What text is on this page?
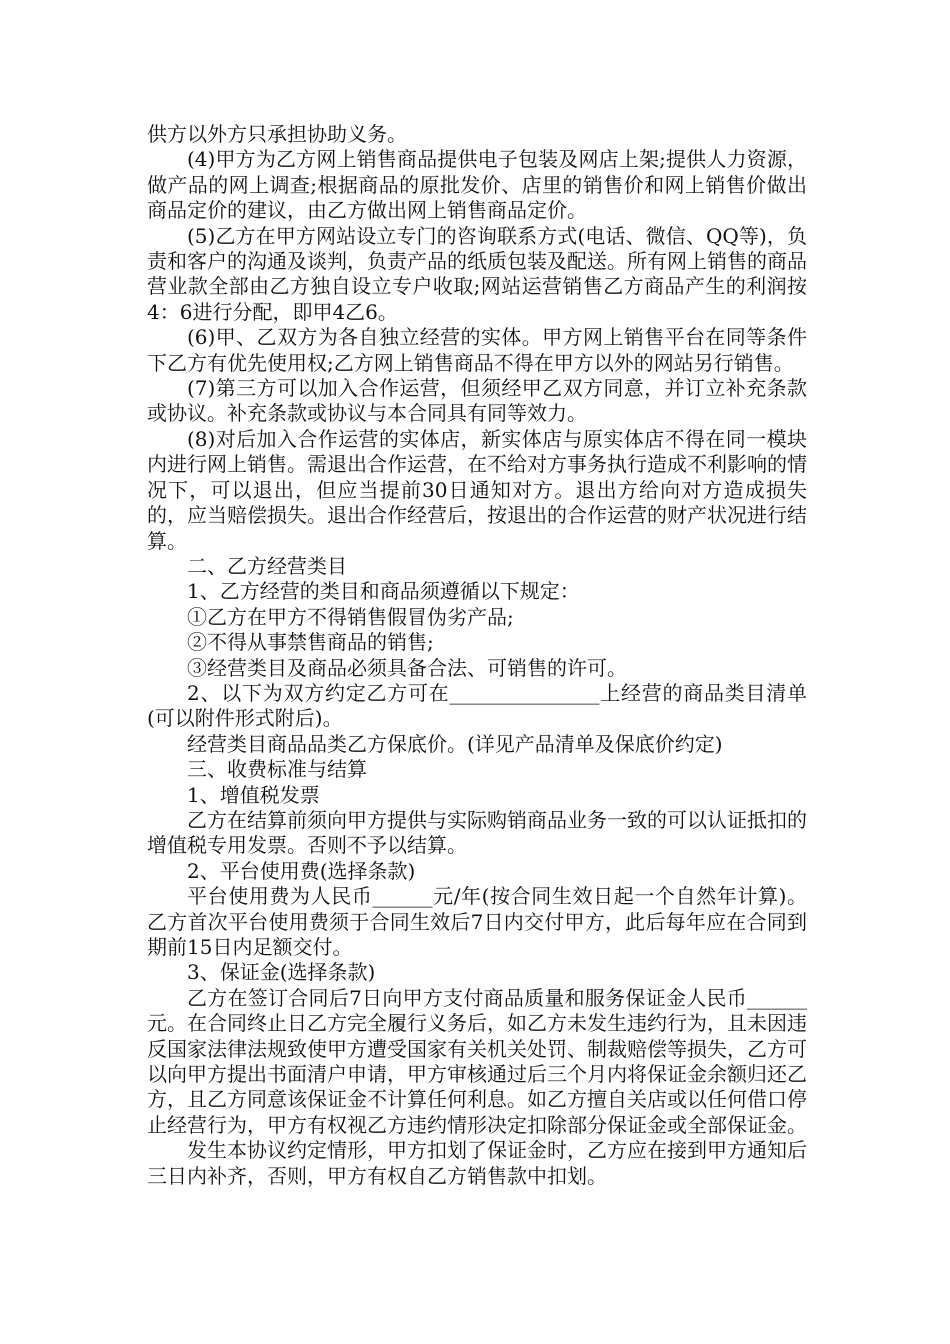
供方以外方只承担协助义务。

(4)甲方为乙方网上销售商品提供电子包装及网店上架;提供人力资源，做产品的网上调查;根据商品的原批发价、店里的销售价和网上销售价做出商品定价的建议，由乙方做出网上销售商品定价。

(5)乙方在甲方网站设立专门的咨询联系方式(电话、微信、QQ等)，负责和客户的沟通及谈判，负责产品的纸质包装及配送。所有网上销售的商品营业款全部由乙方独自设立专户收取;网站运营销售乙方商品产生的利润按4：6进行分配，即甲4乙6。

(6)甲、乙双方为各自独立经营的实体。甲方网上销售平台在同等条件下乙方有优先使用权;乙方网上销售商品不得在甲方以外的网站另行销售。

(7)第三方可以加入合作运营，但须经甲乙双方同意，并订立补充条款或协议。补充条款或协议与本合同具有同等效力。

(8)对后加入合作运营的实体店，新实体店与原实体店不得在同一模块内进行网上销售。需退出合作运营，在不给对方事务执行造成不利影响的情况下，可以退出，但应当提前30日通知对方。退出方给向对方造成损失的，应当赔偿损失。退出合作经营后，按退出的合作运营的财产状况进行结算。

二、乙方经营类目

1、乙方经营的类目和商品须遵循以下规定：

①乙方在甲方不得销售假冒伪劣产品;

②不得从事禁售商品的销售;

③经营类目及商品必须具备合法、可销售的许可。

2、以下为双方约定乙方可在_______________上经营的商品类目清单(可以附件形式附后)。

经营类目商品品类乙方保底价。(详见产品清单及保底价约定)

三、收费标准与结算

1、增值税发票

乙方在结算前须向甲方提供与实际购销商品业务一致的可以认证抵扣的增值税专用发票。否则不予以结算。

2、平台使用费(选择条款)

平台使用费为人民币______元/年(按合同生效日起一个自然年计算)。乙方首次平台使用费须于合同生效后7日内交付甲方，此后每年应在合同到期前15日内足额交付。

3、保证金(选择条款)

乙方在签订合同后7日向甲方支付商品质量和服务保证金人民币______元。在合同终止日乙方完全履行义务后，如乙方未发生违约行为，且未因违反国家法律法规致使甲方遭受国家有关机关处罚、制裁赔偿等损失，乙方可以向甲方提出书面清户申请，甲方审核通过后三个月内将保证金余额归还乙方，且乙方同意该保证金不计算任何利息。如乙方擅自关店或以任何借口停止经营行为，甲方有权视乙方违约情形决定扣除部分保证金或全部保证金。

发生本协议约定情形，甲方扣划了保证金时，乙方应在接到甲方通知后三日内补齐，否则，甲方有权自乙方销售款中扣划。
